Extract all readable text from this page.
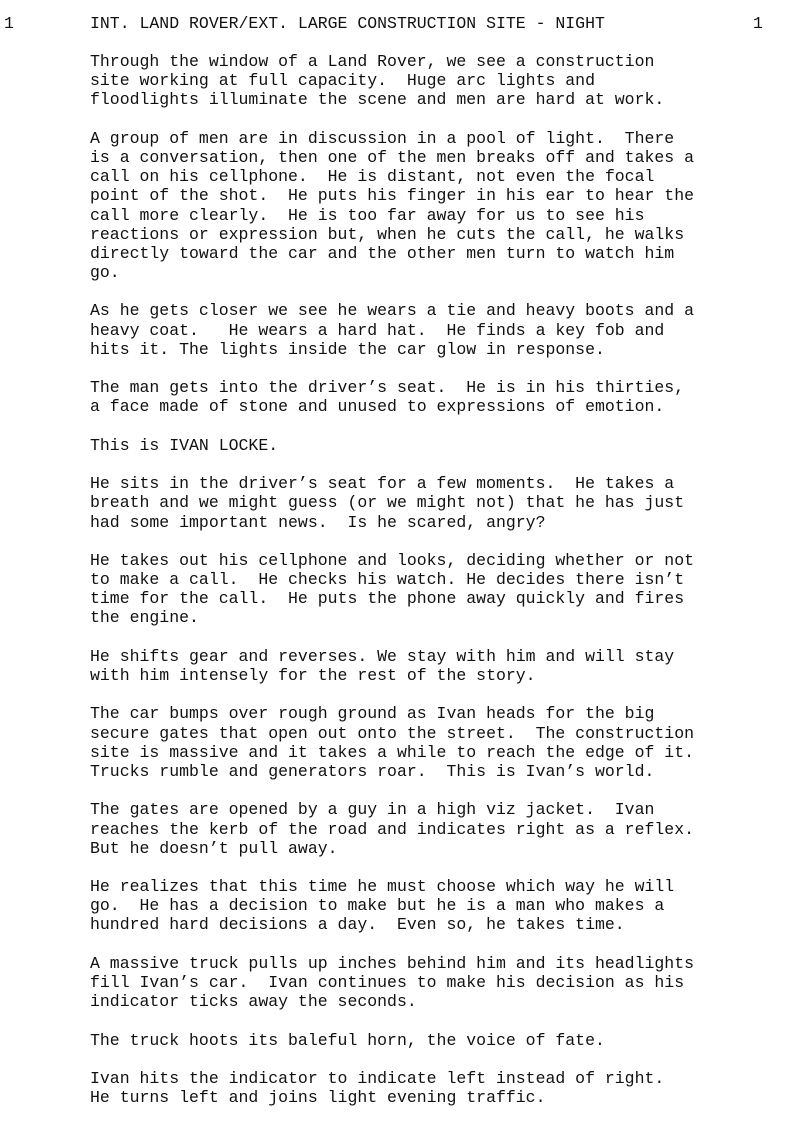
1	INT. LAND ROVER/EXT. LARGE CONSTRUCTION SITE - NIGHT	1
Through the window of a Land Rover, we see a construction
site working at full capacity.  Huge arc lights and
floodlights illuminate the scene and men are hard at work.
A group of men are in discussion in a pool of light.  There
is a conversation, then one of the men breaks off and takes a
call on his cellphone.  He is distant, not even the focal
point of the shot.  He puts his finger in his ear to hear the
call more clearly.  He is too far away for us to see his
reactions or expression but, when he cuts the call, he walks
directly toward the car and the other men turn to watch him
go.
As he gets closer we see he wears a tie and heavy boots and a
heavy coat.   He wears a hard hat.  He finds a key fob and
hits it. The lights inside the car glow in response.
The man gets into the driver’s seat.  He is in his thirties,
a face made of stone and unused to expressions of emotion.
This is IVAN LOCKE.
He sits in the driver’s seat for a few moments.  He takes a
breath and we might guess (or we might not) that he has just
had some important news.  Is he scared, angry?
He takes out his cellphone and looks, deciding whether or not
to make a call.  He checks his watch. He decides there isn’t
time for the call.  He puts the phone away quickly and fires
the engine.
He shifts gear and reverses. We stay with him and will stay
with him intensely for the rest of the story.
The car bumps over rough ground as Ivan heads for the big
secure gates that open out onto the street.  The construction
site is massive and it takes a while to reach the edge of it.
Trucks rumble and generators roar.  This is Ivan’s world.
The gates are opened by a guy in a high viz jacket.  Ivan
reaches the kerb of the road and indicates right as a reflex.
But he doesn’t pull away.
He realizes that this time he must choose which way he will
go.  He has a decision to make but he is a man who makes a
hundred hard decisions a day.  Even so, he takes time.
A massive truck pulls up inches behind him and its headlights
fill Ivan’s car.  Ivan continues to make his decision as his
indicator ticks away the seconds.
The truck hoots its baleful horn, the voice of fate.
Ivan hits the indicator to indicate left instead of right.
He turns left and joins light evening traffic.
